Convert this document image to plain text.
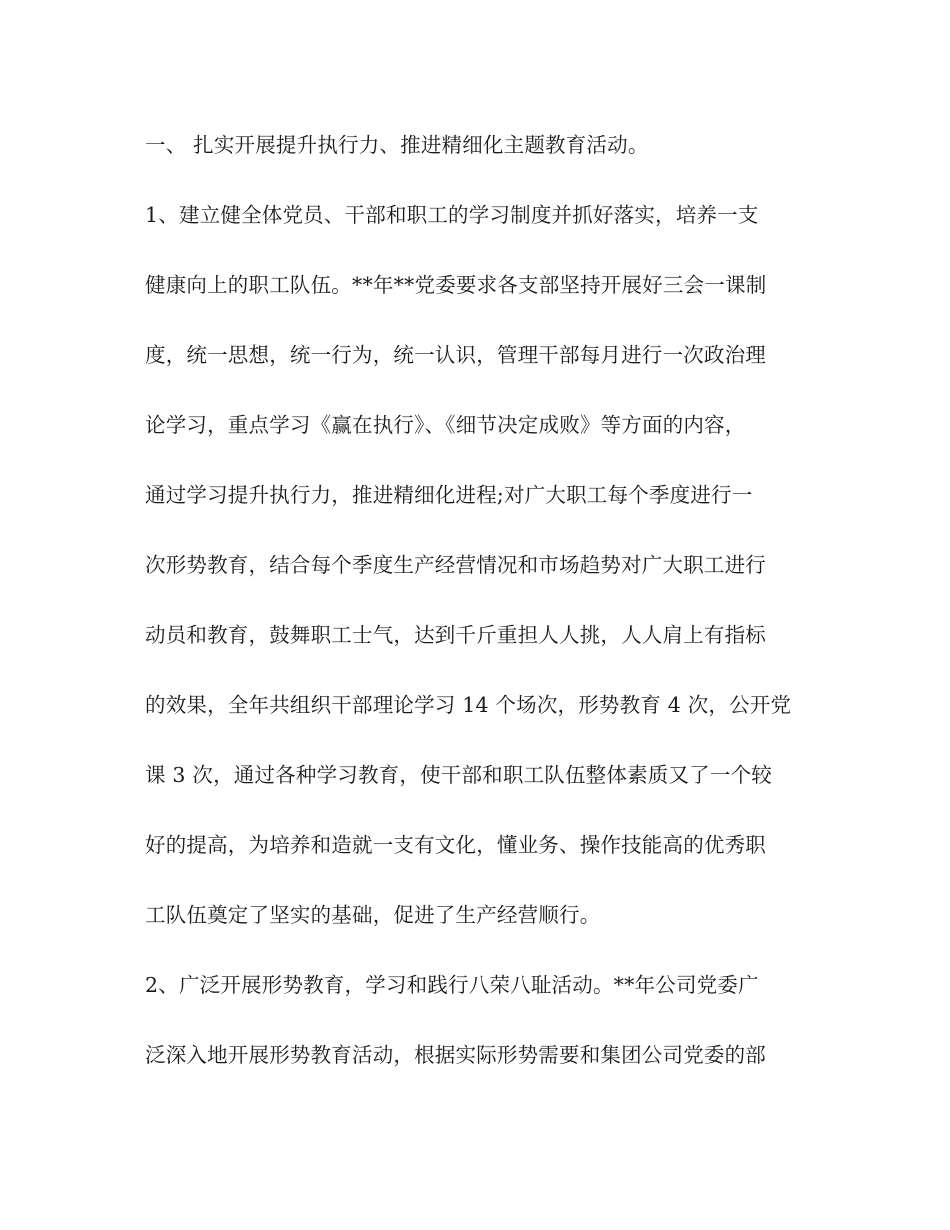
一、 扎实开展提升执行力、推进精细化主题教育活动。
1、建立健全体党员、干部和职工的学习制度并抓好落实，培养一支
健康向上的职工队伍。**年**党委要求各支部坚持开展好三会一课制
度，统一思想，统一行为，统一认识，管理干部每月进行一次政治理
论学习，重点学习《赢在执行》、《细节决定成败》等方面的内容，
通过学习提升执行力，推进精细化进程;对广大职工每个季度进行一
次形势教育，结合每个季度生产经营情况和市场趋势对广大职工进行
动员和教育，鼓舞职工士气，达到千斤重担人人挑，人人肩上有指标
的效果，全年共组织干部理论学习 14 个场次，形势教育 4 次，公开党
课 3 次，通过各种学习教育，使干部和职工队伍整体素质又了一个较
好的提高，为培养和造就一支有文化，懂业务、操作技能高的优秀职
工队伍奠定了坚实的基础，促进了生产经营顺行。
2、广泛开展形势教育，学习和践行八荣八耻活动。**年公司党委广
泛深入地开展形势教育活动，根据实际形势需要和集团公司党委的部
